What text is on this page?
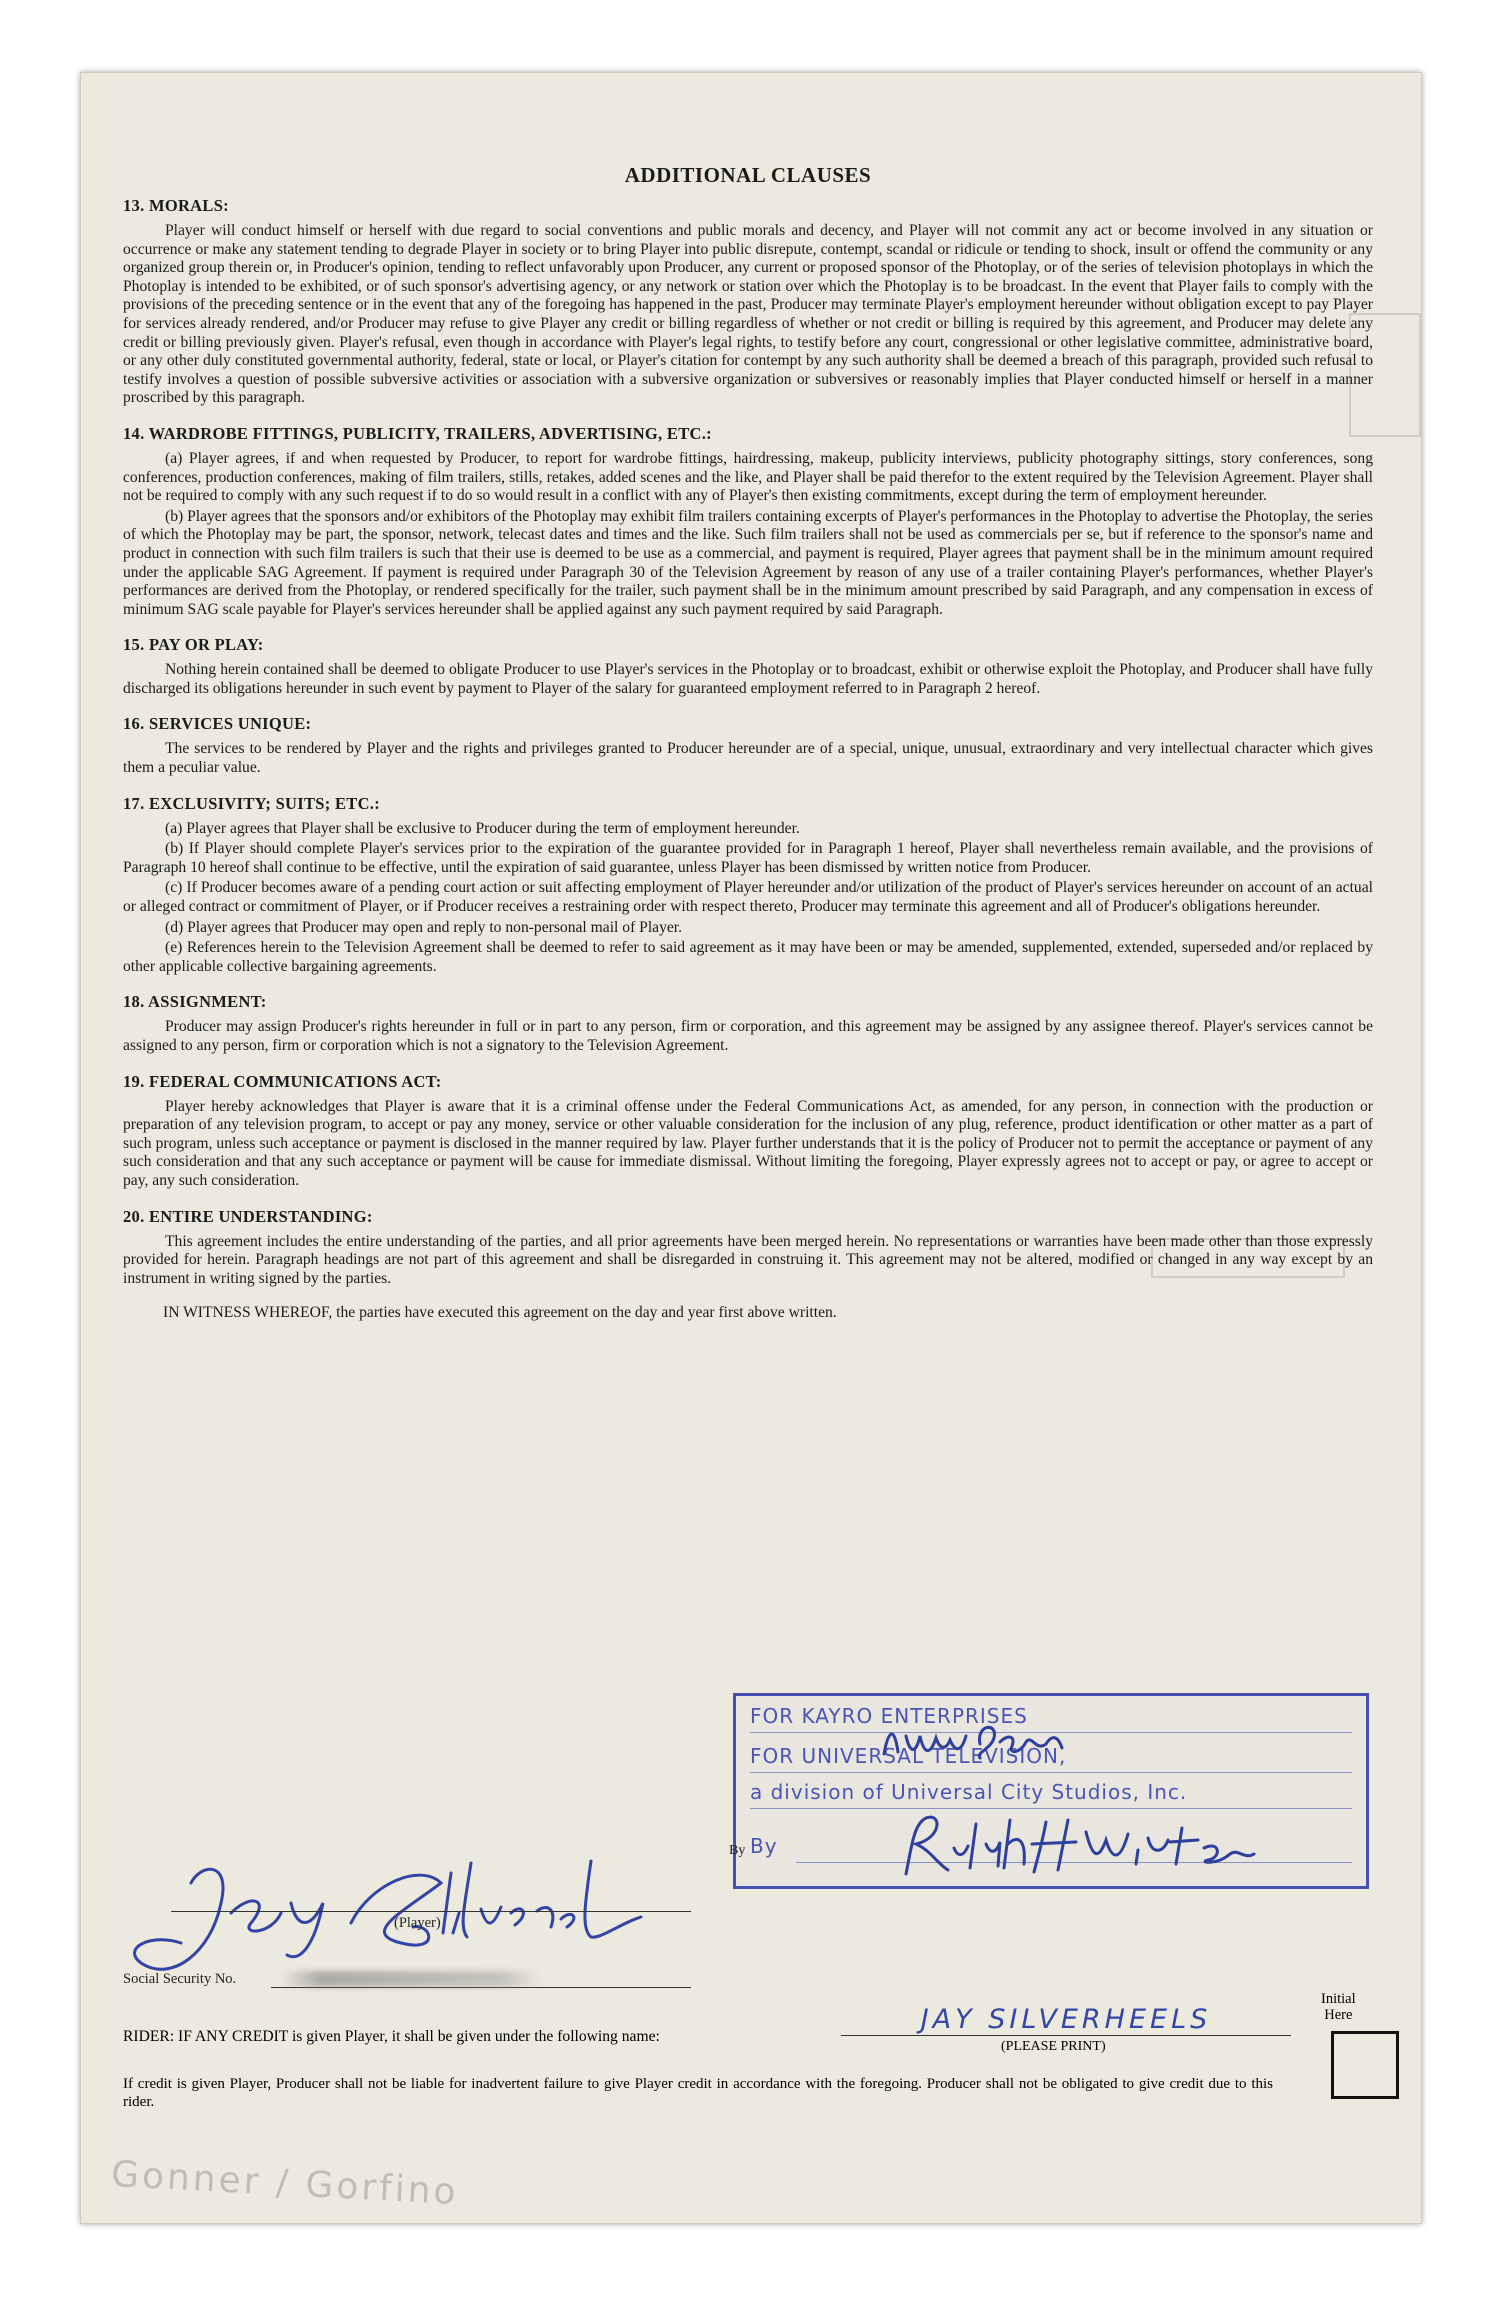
ADDITIONAL CLAUSES
13. MORALS:
Player will conduct himself or herself with due regard to social conventions and public morals and decency, and Player will not commit any act or become involved in any situation or occurrence or make any statement tending to degrade Player in society or to bring Player into public disrepute, contempt, scandal or ridicule or tending to shock, insult or offend the community or any organized group therein or, in Producer's opinion, tending to reflect unfavorably upon Producer, any current or proposed sponsor of the Photoplay, or of the series of television photoplays in which the Photoplay is intended to be exhibited, or of such sponsor's advertising agency, or any network or station over which the Photoplay is to be broadcast. In the event that Player fails to comply with the provisions of the preceding sentence or in the event that any of the foregoing has happened in the past, Producer may terminate Player's employment hereunder without obligation except to pay Player for services already rendered, and/or Producer may refuse to give Player any credit or billing regardless of whether or not credit or billing is required by this agreement, and Producer may delete any credit or billing previously given. Player's refusal, even though in accordance with Player's legal rights, to testify before any court, congressional or other legislative committee, administrative board, or any other duly constituted governmental authority, federal, state or local, or Player's citation for contempt by any such authority shall be deemed a breach of this paragraph, provided such refusal to testify involves a question of possible subversive activities or association with a subversive organization or subversives or reasonably implies that Player conducted himself or herself in a manner proscribed by this paragraph.
14. WARDROBE FITTINGS, PUBLICITY, TRAILERS, ADVERTISING, ETC.:
(a) Player agrees, if and when requested by Producer, to report for wardrobe fittings, hairdressing, makeup, publicity interviews, publicity photography sittings, story conferences, song conferences, production conferences, making of film trailers, stills, retakes, added scenes and the like, and Player shall be paid therefor to the extent required by the Television Agreement. Player shall not be required to comply with any such request if to do so would result in a conflict with any of Player's then existing commitments, except during the term of employment hereunder.
(b) Player agrees that the sponsors and/or exhibitors of the Photoplay may exhibit film trailers containing excerpts of Player's performances in the Photoplay to advertise the Photoplay, the series of which the Photoplay may be part, the sponsor, network, telecast dates and times and the like. Such film trailers shall not be used as commercials per se, but if reference to the sponsor's name and product in connection with such film trailers is such that their use is deemed to be use as a commercial, and payment is required, Player agrees that payment shall be in the minimum amount required under the applicable SAG Agreement. If payment is required under Paragraph 30 of the Television Agreement by reason of any use of a trailer containing Player's performances, whether Player's performances are derived from the Photoplay, or rendered specifically for the trailer, such payment shall be in the minimum amount prescribed by said Paragraph, and any compensation in excess of minimum SAG scale payable for Player's services hereunder shall be applied against any such payment required by said Paragraph.
15. PAY OR PLAY:
Nothing herein contained shall be deemed to obligate Producer to use Player's services in the Photoplay or to broadcast, exhibit or otherwise exploit the Photoplay, and Producer shall have fully discharged its obligations hereunder in such event by payment to Player of the salary for guaranteed employment referred to in Paragraph 2 hereof.
16. SERVICES UNIQUE:
The services to be rendered by Player and the rights and privileges granted to Producer hereunder are of a special, unique, unusual, extraordinary and very intellectual character which gives them a peculiar value.
17. EXCLUSIVITY; SUITS; ETC.:
(a) Player agrees that Player shall be exclusive to Producer during the term of employment hereunder.
(b) If Player should complete Player's services prior to the expiration of the guarantee provided for in Paragraph 1 hereof, Player shall nevertheless remain available, and the provisions of Paragraph 10 hereof shall continue to be effective, until the expiration of said guarantee, unless Player has been dismissed by written notice from Producer.
(c) If Producer becomes aware of a pending court action or suit affecting employment of Player hereunder and/or utilization of the product of Player's services hereunder on account of an actual or alleged contract or commitment of Player, or if Producer receives a restraining order with respect thereto, Producer may terminate this agreement and all of Producer's obligations hereunder.
(d) Player agrees that Producer may open and reply to non-personal mail of Player.
(e) References herein to the Television Agreement shall be deemed to refer to said agreement as it may have been or may be amended, supplemented, extended, superseded and/or replaced by other applicable collective bargaining agreements.
18. ASSIGNMENT:
Producer may assign Producer's rights hereunder in full or in part to any person, firm or corporation, and this agreement may be assigned by any assignee thereof. Player's services cannot be assigned to any person, firm or corporation which is not a signatory to the Television Agreement.
19. FEDERAL COMMUNICATIONS ACT:
Player hereby acknowledges that Player is aware that it is a criminal offense under the Federal Communications Act, as amended, for any person, in connection with the production or preparation of any television program, to accept or pay any money, service or other valuable consideration for the inclusion of any plug, reference, product identification or other matter as a part of such program, unless such acceptance or payment is disclosed in the manner required by law. Player further understands that it is the policy of Producer not to permit the acceptance or payment of any such consideration and that any such acceptance or payment will be cause for immediate dismissal. Without limiting the foregoing, Player expressly agrees not to accept or pay, or agree to accept or pay, any such consideration.
20. ENTIRE UNDERSTANDING:
This agreement includes the entire understanding of the parties, and all prior agreements have been merged herein. No representations or warranties have been made other than those expressly provided for herein. Paragraph headings are not part of this agreement and shall be disregarded in construing it. This agreement may not be altered, modified or changed in any way except by an instrument in writing signed by the parties.
IN WITNESS WHEREOF, the parties have executed this agreement on the day and year first above written.
FOR KAYRO ENTERPRISES
FOR UNIVERSAL TELEVISION,
a division of Universal City Studios, Inc.
By
By
(Player)
Social Security No.
RIDER: IF ANY CREDIT is given Player, it shall be given under the following name:
JAY SILVERHEELS
(PLEASE PRINT)
Initial
Here
If credit is given Player, Producer shall not be liable for inadvertent failure to give Player credit in accordance with the foregoing. Producer shall not be obligated to give credit due to this rider.
Gonner / Gorfino
